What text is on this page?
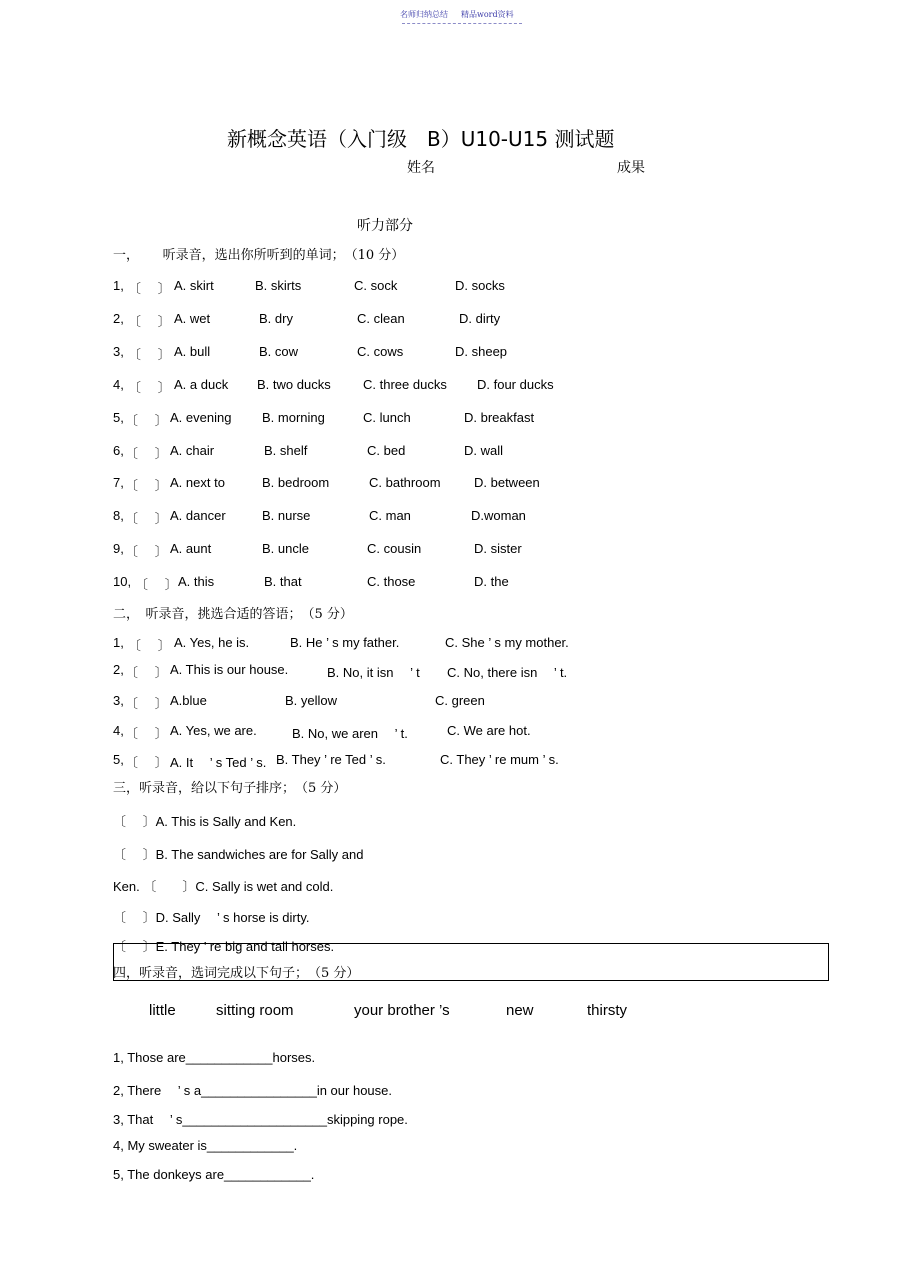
名师归纳总结 精品word资料
新概念英语（入门级　B）U10-U15 测试题
姓名	成果
听力部分
一，　　 听录音，选出你所听到的单词；　（10 分）
1, 〔　 〕 A. skirt	B. skirts	C. sock	D. socks
2, 〔　 〕 A. wet	B. dry	C. clean	D. dirty
3, 〔　 〕 A. bull	B. cow	C. cows	D. sheep
4, 〔　 〕 A. a duck B. two ducks C. three ducks D. four ducks
5, 〔　 〕 A. evening B. morning	C. lunch	D. breakfast
6, 〔　 〕 A. chair	B. shelf	C. bed	D. wall
7, 〔　 〕 A. next to	B. bedroom	C. bathroom	D. between
8, 〔　 〕 A. dancer	B. nurse	C. man	D.woman
9, 〔　 〕 A. aunt	B. uncle	C. cousin	D. sister
10, 〔　 〕 A. this	B. that	C. those	D. the
二，　听录音，挑选合适的答语；　（5 分）
1, 〔　 〕 A. Yes, he is.	B. He ’ s my father.	C. She ’ s my mother.
2, 〔　 〕 A. This is our house.	B. No, it isn　 ’ t C. No, there isn　 ’ t.
3, 〔　 〕 A.blue	B. yellow	C. green
4, 〔　 〕 A. Yes, we are.	B. No, we aren　 ’ t.	C. We are hot.
5, 〔　 〕 A. It　 ’ s Ted ’ s. B. They ’ re Ted ’ s.	C. They ’ re mum ’ s.
三，听录音，给以下句子排序；　（5 分）
〔　 〕A. This is Sally and Ken.
〔　 〕B. The sandwiches are for Sally and
Ken. 〔　　〕C. Sally is wet and cold.
〔　 〕D. Sally　 ’ s horse is dirty.
〔　 〕E. They ’ re big and tall horses.
四，听录音，选词完成以下句子；　（5 分）
little	sitting room	your brother ’s	new	thirsty
1, Those are____________horses.
2, There　 ’ s a________________in our house.
3, That　 ’ s____________________skipping rope.
4, My sweater is____________.
5, The donkeys are____________.
